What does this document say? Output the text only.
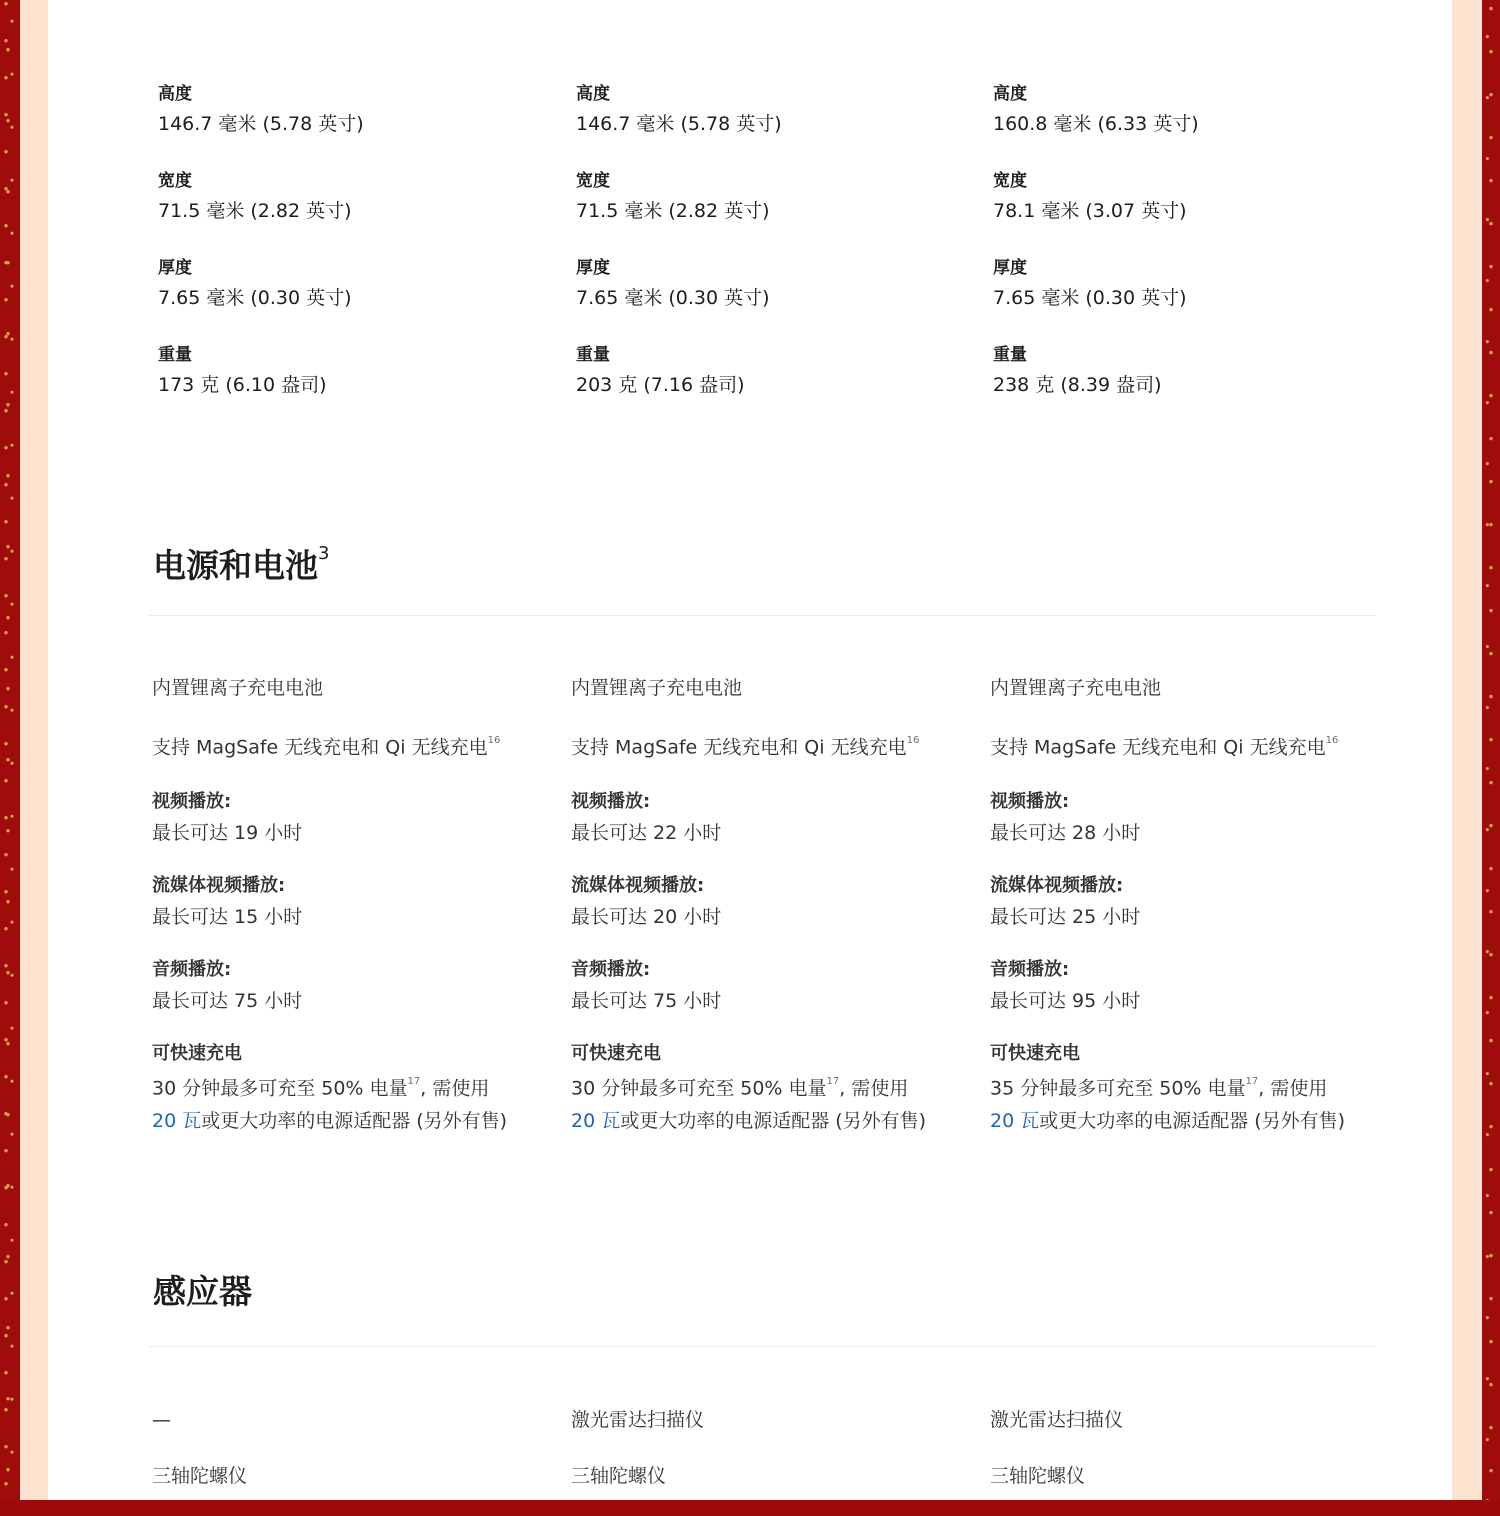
高度
146.7 毫米 (5.78 英寸)
宽度
71.5 毫米 (2.82 英寸)
厚度
7.65 毫米 (0.30 英寸)
重量
173 克 (6.10 盎司)
高度
146.7 毫米 (5.78 英寸)
宽度
71.5 毫米 (2.82 英寸)
厚度
7.65 毫米 (0.30 英寸)
重量
203 克 (7.16 盎司)
高度
160.8 毫米 (6.33 英寸)
宽度
78.1 毫米 (3.07 英寸)
厚度
7.65 毫米 (0.30 英寸)
重量
238 克 (8.39 盎司)
电源和电池$^3$
内置锂离子充电电池
支持 MagSafe 无线充电和 Qi 无线充电$^{16}$
视频播放:
最长可达 19 小时
流媒体视频播放:
最长可达 15 小时
音频播放:
最长可达 75 小时
可快速充电
30 分钟最多可充至 50% 电量$^{17}$, 需使用
20 瓦或更大功率的电源适配器 (另外有售)
内置锂离子充电电池
支持 MagSafe 无线充电和 Qi 无线充电$^{16}$
视频播放:
最长可达 22 小时
流媒体视频播放:
最长可达 20 小时
音频播放:
最长可达 75 小时
可快速充电
30 分钟最多可充至 50% 电量$^{17}$, 需使用
20 瓦或更大功率的电源适配器 (另外有售)
内置锂离子充电电池
支持 MagSafe 无线充电和 Qi 无线充电$^{16}$
视频播放:
最长可达 28 小时
流媒体视频播放:
最长可达 25 小时
音频播放:
最长可达 95 小时
可快速充电
35 分钟最多可充至 50% 电量$^{17}$, 需使用
20 瓦或更大功率的电源适配器 (另外有售)
感应器
—
三轴陀螺仪
激光雷达扫描仪
三轴陀螺仪
激光雷达扫描仪
三轴陀螺仪
